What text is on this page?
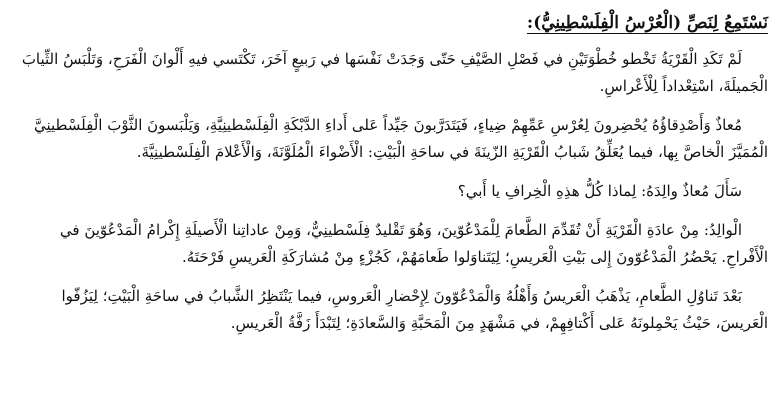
نَسْتَمِعُ لِنَصِّ (الْعُرْسُ الْفِلَسْطِينِيُّ):

لَمْ تَكَدِ الْقَرْيَةُ تَخْطو خُطْوَتَيْنِ في فَصْلِ الصَّيْفِ حَتّى وَجَدَتْ نَفْسَها في رَبيعٍ آخَرَ، تَكْتَسي فيهِ أَلْوانَ الْفَرَحِ، وَتَلْبَسُ الثِّيابَ الْجَميلَةَ، اسْتِعْداداً لِلْأَعْراسِ.

مُعاذٌ وَأَصْدِقاؤُهُ يُحْضِرونَ لِعُرْسِ عَمِّهِمْ ضِياءٍ، فَيَتَدَرَّبونَ جَيِّداً عَلى أَداءِ الدَّبْكَةِ الْفِلَسْطينِيَّةِ، وَيَلْبَسونَ الثَّوْبَ الْفِلَسْطينِيَّ الْمُمَيَّزَ الْخاصَّ بِها، فيما يُعَلِّقُ شَبابُ الْقَرْيَةِ الزّينَةَ في ساحَةِ الْبَيْتِ: الْأَضْواءَ الْمُلَوَّنَةَ، وَالْأَعْلامَ الْفِلَسْطينِيَّةَ.

سَأَلَ مُعاذٌ والِدَهُ: لِماذا كُلُّ هذِهِ الْخِرافِ يا أَبي؟

الْوالِدُ: مِنْ عادَةِ الْقَرْيَةِ أَنْ تُقَدِّمَ الطَّعامَ لِلْمَدْعُوّينَ، وَهُوَ تَقْليدٌ فِلَسْطينِيٌّ، وَمِنْ عاداتِنا الْأَصيلَةِ إِكْرامُ الْمَدْعُوّينَ في الْأَفْراحِ. يَحْضُرُ الْمَدْعُوّونَ إِلى بَيْتِ الْعَريسِ؛ لِيَتَناوَلوا طَعامَهُمْ، كَجُزْءٍ مِنْ مُشارَكَةِ الْعَريسِ فَرْحَتَهُ.

بَعْدَ تَناوُلِ الطَّعامِ، يَذْهَبُ الْعَريسُ وَأَهْلُهُ وَالْمَدْعُوّونَ لِإِحْضارِ الْعَروسِ، فيما يَنْتَظِرُ الشَّبابُ في ساحَةِ الْبَيْتِ؛ لِيَزُفّوا الْعَريسَ، حَيْثُ يَحْمِلونَهُ عَلى أَكْتافِهِمْ، في مَشْهَدٍ مِنَ الْمَحَبَّةِ وَالسَّعادَةِ؛ لِتَبْدَأَ زَفَّةُ الْعَريسِ.
